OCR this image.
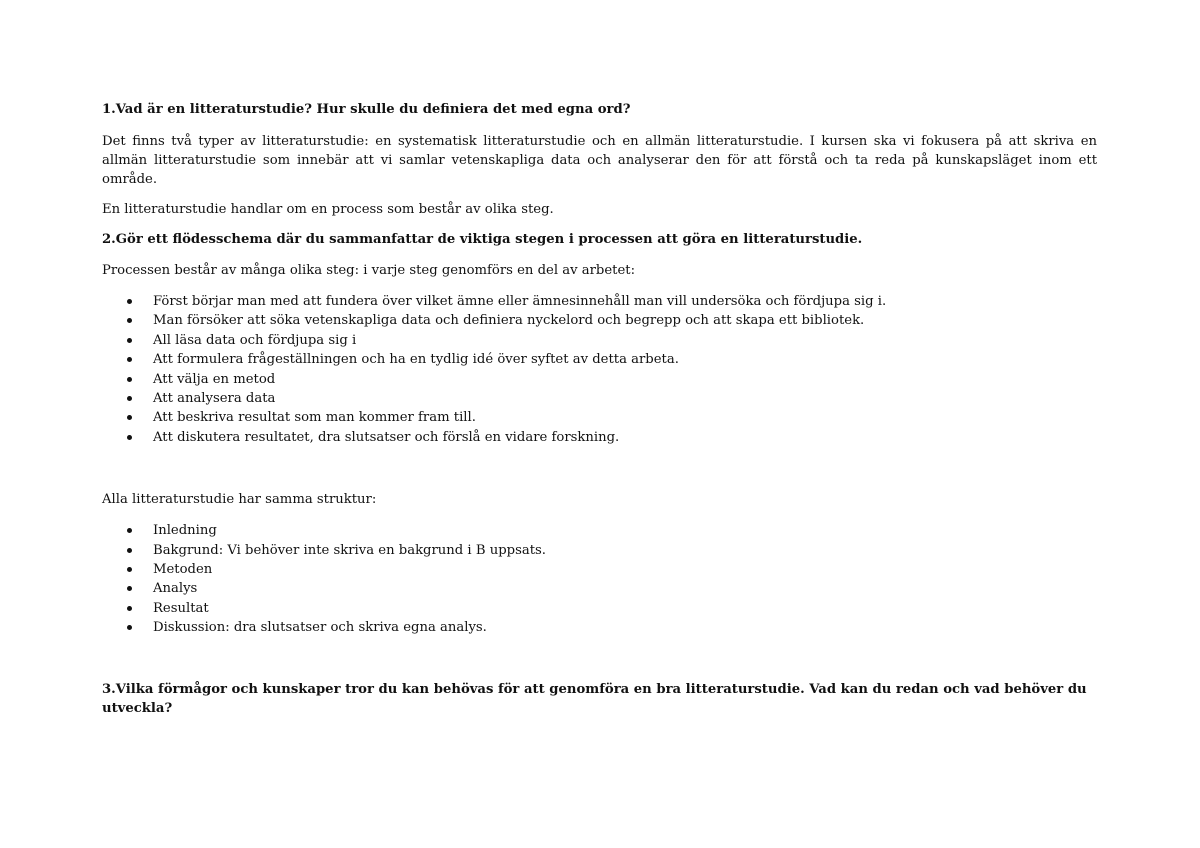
1.Vad är en litteraturstudie? Hur skulle du definiera det med egna ord?

Det finns två typer av litteraturstudie: en systematisk litteraturstudie och en allmän litteraturstudie. I kursen ska vi fokusera på att skriva en allmän litteraturstudie som innebär att vi samlar vetenskapliga data och analyserar den för att förstå och ta reda på kunskapsläget inom ett område.

En litteraturstudie handlar om en process som består av olika steg.

2.Gör ett flödesschema där du sammanfattar de viktiga stegen i processen att göra en litteraturstudie.

Processen består av många olika steg: i varje steg genomförs en del av arbetet:

Först börjar man med att fundera över vilket ämne eller ämnesinnehåll man vill undersöka och fördjupa sig i.
Man försöker att söka vetenskapliga data och definiera nyckelord och begrepp och att skapa ett bibliotek.
All läsa data och fördjupa sig i
Att formulera frågeställningen och ha en tydlig idé över syftet av detta arbeta.
Att välja en metod
Att analysera data
Att beskriva resultat som man kommer fram till.
Att diskutera resultatet, dra slutsatser och förslå en vidare forskning.

Alla litteraturstudie har samma struktur:

Inledning
Bakgrund: Vi behöver inte skriva en bakgrund i B uppsats.
Metoden
Analys
Resultat
Diskussion: dra slutsatser och skriva egna analys.

3.Vilka förmågor och kunskaper tror du kan behövas för att genomföra en bra litteraturstudie. Vad kan du redan och vad behöver du utveckla?
